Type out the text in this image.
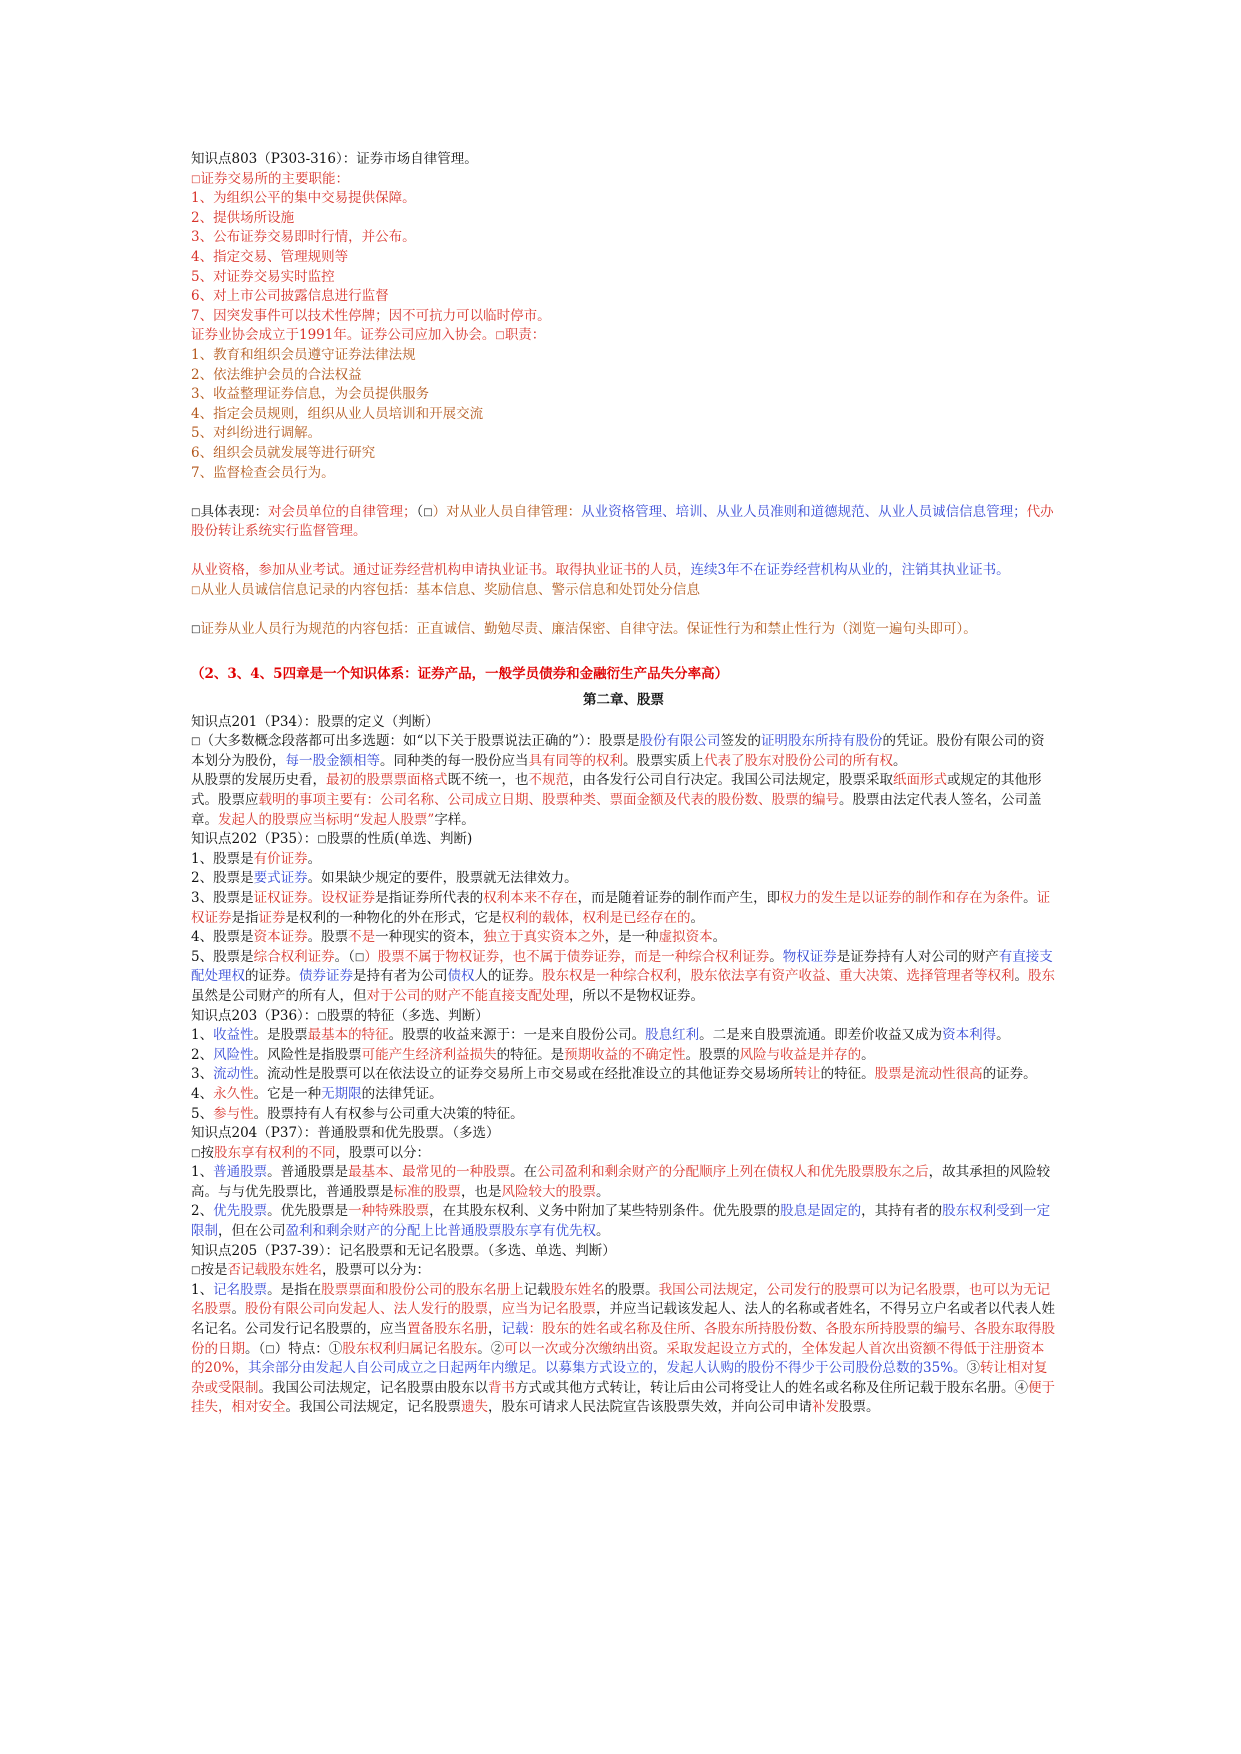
知识点803（P303-316）：证券市场自律管理。
□证券交易所的主要职能：
1、为组织公平的集中交易提供保障。
2、提供场所设施
3、公布证券交易即时行情，并公布。
4、指定交易、管理规则等
5、对证券交易实时监控
6、对上市公司披露信息进行监督
7、因突发事件可以技术性停牌；因不可抗力可以临时停市。
证券业协会成立于1991年。证券公司应加入协会。□职责：
1、教育和组织会员遵守证券法律法规
2、依法维护会员的合法权益
3、收益整理证券信息，为会员提供服务
4、指定会员规则，组织从业人员培训和开展交流
5、对纠纷进行调解。
6、组织会员就发展等进行研究
7、监督检查会员行为。
□具体表现：对会员单位的自律管理；（□）对从业人员自律管理：从业资格管理、培训、从业人员准则和道德规范、从业人员诚信信息管理；代办股份转让系统实行监督管理。
从业资格，参加从业考试。通过证券经营机构申请执业证书。取得执业证书的人员，连续3年不在证券经营机构从业的，注销其执业证书。
□从业人员诚信信息记录的内容包括：基本信息、奖励信息、警示信息和处罚处分信息
□证券从业人员行为规范的内容包括：正直诚信、勤勉尽责、廉洁保密、自律守法。保证性行为和禁止性行为（浏览一遍句头即可）。
（2、3、4、5四章是一个知识体系：证券产品，一般学员债券和金融衍生产品失分率高）
第二章、股票
知识点201（P34）：股票的定义（判断）
□（大多数概念段落都可出多选题：如“以下关于股票说法正确的”）：股票是股份有限公司签发的证明股东所持有股份的凭证。股份有限公司的资本划分为股份，每一股金额相等。同种类的每一股份应当具有同等的权利。股票实质上代表了股东对股份公司的所有权。
从股票的发展历史看，最初的股票票面格式既不统一，也不规范，由各发行公司自行决定。我国公司法规定，股票采取纸面形式或规定的其他形式。股票应载明的事项主要有：公司名称、公司成立日期、股票种类、票面金额及代表的股份数、股票的编号。股票由法定代表人签名，公司盖章。发起人的股票应当标明“发起人股票”字样。
知识点202（P35）：□股票的性质(单选、判断)
1、股票是有价证券。
2、股票是要式证券。如果缺少规定的要件，股票就无法律效力。
3、股票是证权证券。设权证券是指证券所代表的权利本来不存在，而是随着证券的制作而产生，即权力的发生是以证券的制作和存在为条件。证权证券是指证券是权利的一种物化的外在形式，它是权利的载体，权利是已经存在的。
4、股票是资本证券。股票不是一种现实的资本，独立于真实资本之外，是一种虚拟资本。
5、股票是综合权利证券。（□）股票不属于物权证券，也不属于债券证券，而是一种综合权利证券。物权证券是证券持有人对公司的财产有直接支配处理权的证券。债券证券是持有者为公司债权人的证券。股东权是一种综合权利，股东依法享有资产收益、重大决策、选择管理者等权利。股东虽然是公司财产的所有人，但对于公司的财产不能直接支配处理，所以不是物权证券。
知识点203（P36）：□股票的特征（多选、判断）
1、收益性。是股票最基本的特征。股票的收益来源于：一是来自股份公司。股息红利。二是来自股票流通。即差价收益又成为资本利得。
2、风险性。风险性是指股票可能产生经济利益损失的特征。是预期收益的不确定性。股票的风险与收益是并存的。
3、流动性。流动性是股票可以在依法设立的证券交易所上市交易或在经批准设立的其他证券交易场所转让的特征。股票是流动性很高的证券。
4、永久性。它是一种无期限的法律凭证。
5、参与性。股票持有人有权参与公司重大决策的特征。
知识点204（P37）：普通股票和优先股票。（多选）
□按股东享有权利的不同，股票可以分：
1、普通股票。普通股票是最基本、最常见的一种股票。在公司盈利和剩余财产的分配顺序上列在债权人和优先股票股东之后，故其承担的风险较高。与与优先股票比，普通股票是标准的股票，也是风险较大的股票。
2、优先股票。优先股票是一种特殊股票，在其股东权利、义务中附加了某些特别条件。优先股票的股息是固定的，其持有者的股东权利受到一定限制，但在公司盈利和剩余财产的分配上比普通股票股东享有优先权。
知识点205（P37-39）：记名股票和无记名股票。（多选、单选、判断）
□按是否记载股东姓名，股票可以分为：
1、记名股票。是指在股票票面和股份公司的股东名册上记载股东姓名的股票。我国公司法规定，公司发行的股票可以为记名股票，也可以为无记名股票。股份有限公司向发起人、法人发行的股票，应当为记名股票，并应当记载该发起人、法人的名称或者姓名，不得另立户名或者以代表人姓名记名。公司发行记名股票的，应当置备股东名册，记载：股东的姓名或名称及住所、各股东所持股份数、各股东所持股票的编号、各股东取得股份的日期。（□）特点：①股东权利归属记名股东。②可以一次或分次缴纳出资。采取发起设立方式的，全体发起人首次出资额不得低于注册资本的20%，其余部分由发起人自公司成立之日起两年内缴足。以募集方式设立的，发起人认购的股份不得少于公司股份总数的35%。③转让相对复杂或受限制。我国公司法规定，记名股票由股东以背书方式或其他方式转让，转让后由公司将受让人的姓名或名称及住所记载于股东名册。④便于挂失，相对安全。我国公司法规定，记名股票遗失，股东可请求人民法院宣告该股票失效，并向公司申请补发股票。
